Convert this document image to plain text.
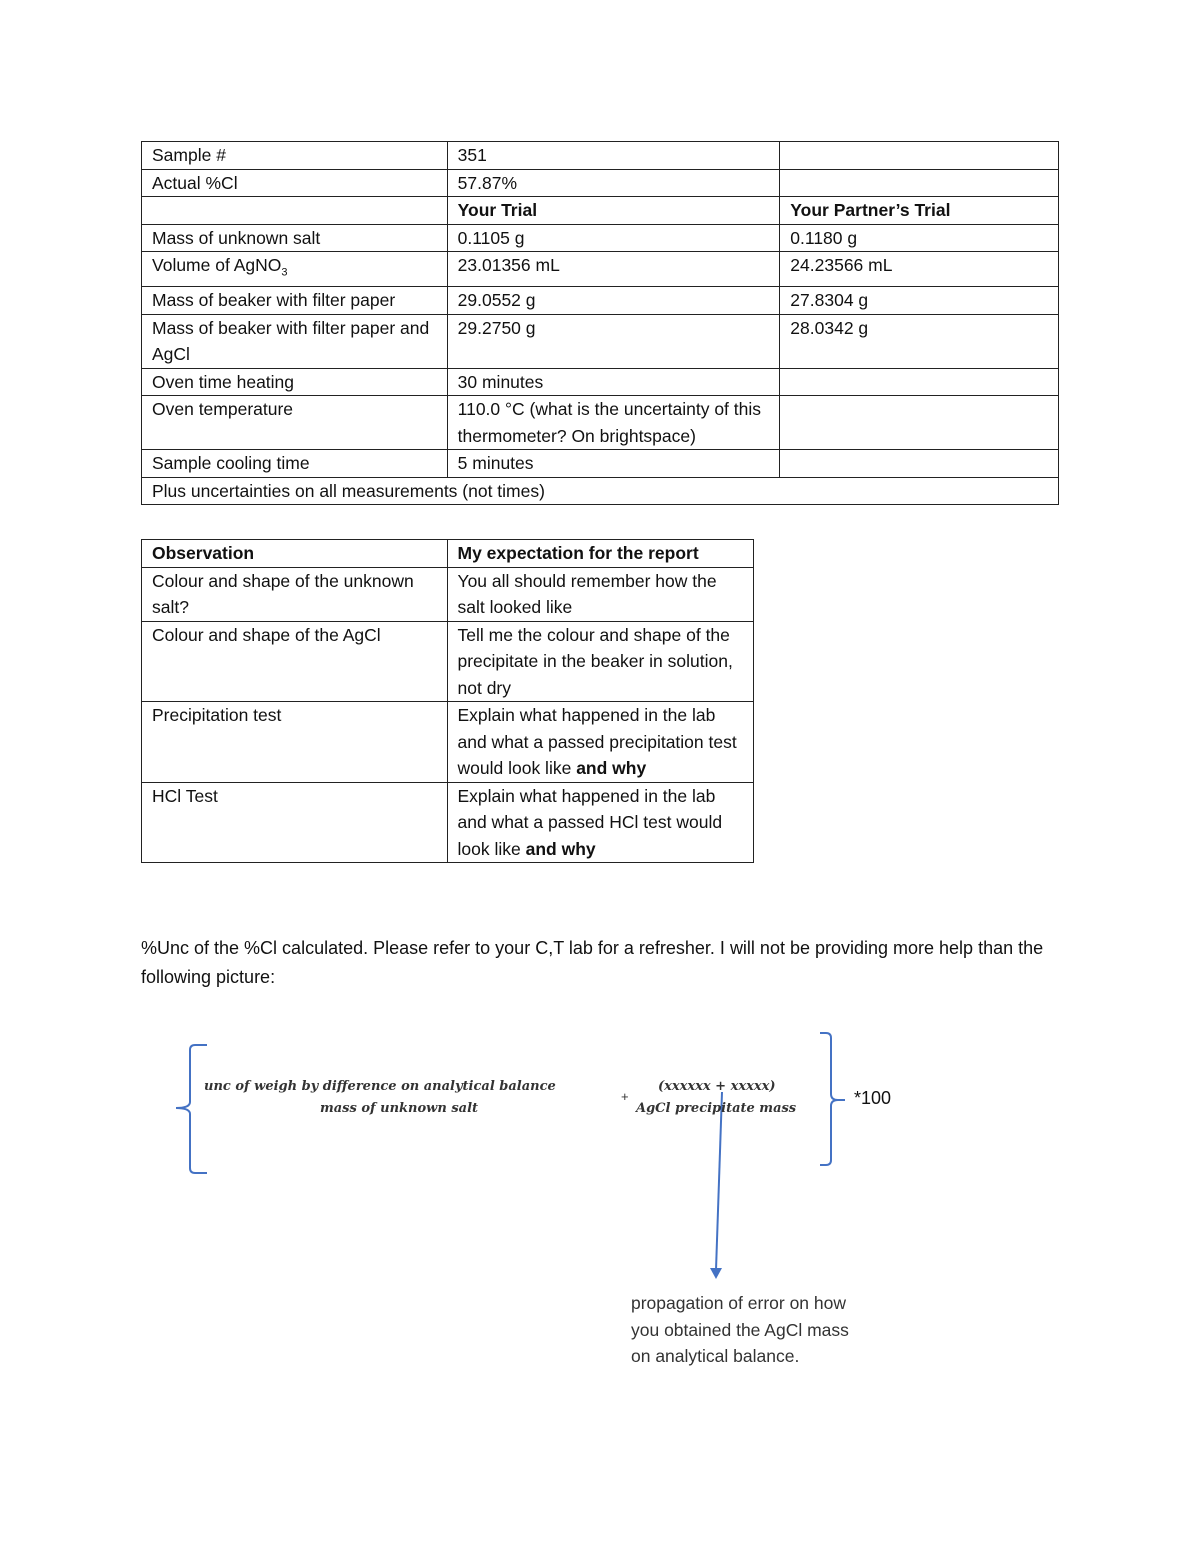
Sample #	351	
Actual %Cl	57.87%	
	Your Trial	Your Partner’s Trial
Mass of unknown salt	0.1105 g	0.1180 g
Volume of AgNO$_3$	23.01356 mL	24.23566 mL
Mass of beaker with filter paper	29.0552 g	27.8304 g
Mass of beaker with filter paper and AgCl	29.2750 g	28.0342 g
Oven time heating	30 minutes	
Oven temperature	110.0 °C (what is the uncertainty of this thermometer? On brightspace)	
Sample cooling time	5 minutes	
Plus uncertainties on all measurements (not times)		
Observation	My expectation for the report
Colour and shape of the unknown salt?	You all should remember how the salt looked like
Colour and shape of the AgCl	Tell me the colour and shape of the precipitate in the beaker in solution, not dry
Precipitation test	Explain what happened in the lab and what a passed precipitation test would look like and why
HCl Test	Explain what happened in the lab and what a passed HCl test would look like and why
%Unc of the %Cl calculated. Please refer to your C,T lab for a refresher. I will not be providing more help than the following picture:
unc of weigh by difference on analytical balance
mass of unknown salt
+
(xxxxxx + xxxxx)
AgCl precipitate mass
*100
propagation of error on how you obtained the AgCl mass on analytical balance.
